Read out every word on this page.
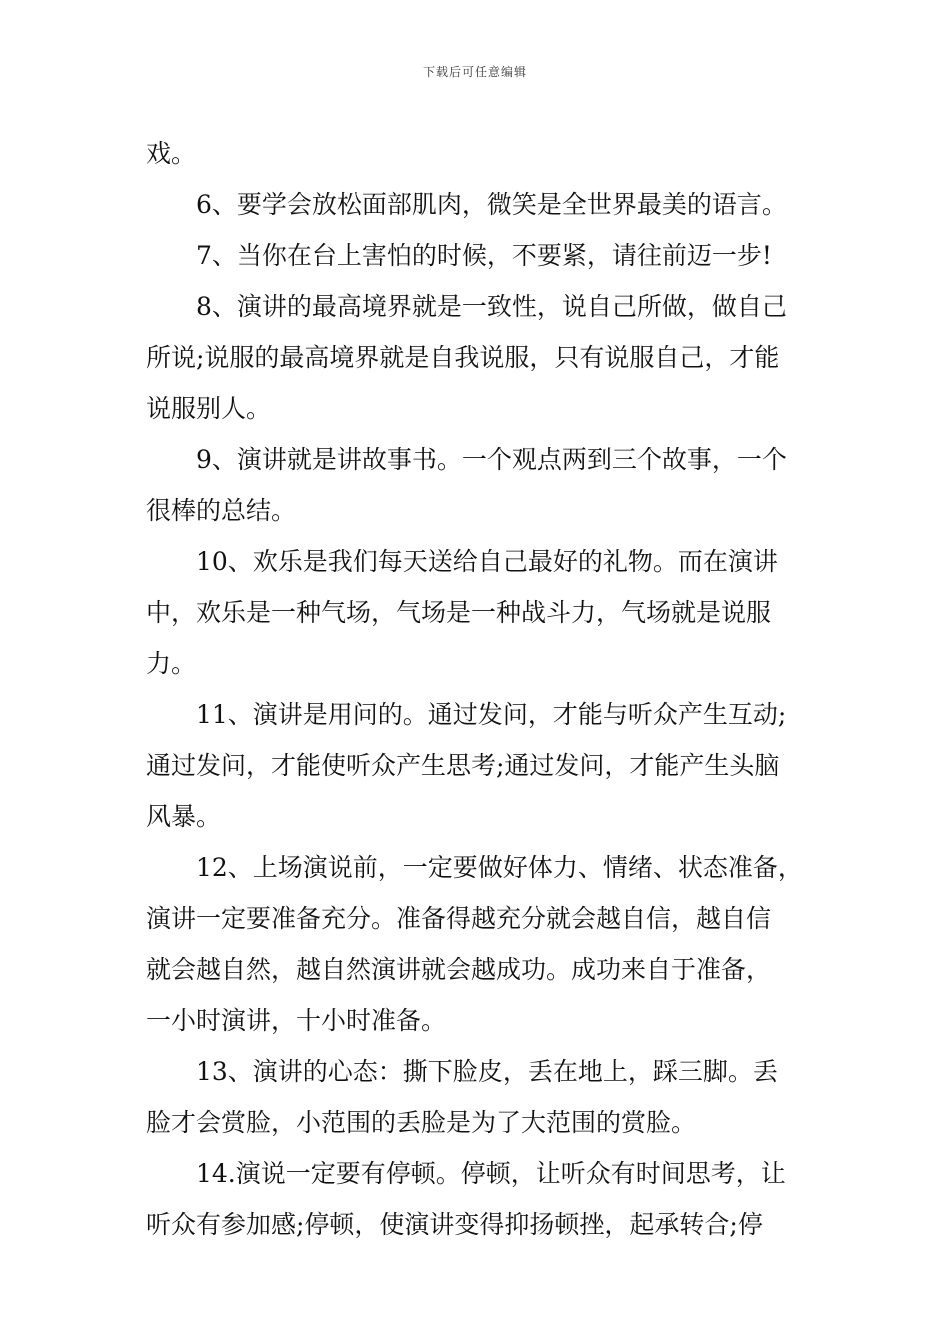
下载后可任意编辑
戏。
6、要学会放松面部肌肉，微笑是全世界最美的语言。
7、当你在台上害怕的时候，不要紧，请往前迈一步!
8、演讲的最高境界就是一致性，说自己所做，做自己
所说;说服的最高境界就是自我说服，只有说服自己，才能
说服别人。
9、演讲就是讲故事书。一个观点两到三个故事，一个
很棒的总结。
10、欢乐是我们每天送给自己最好的礼物。而在演讲
中，欢乐是一种气场，气场是一种战斗力，气场就是说服
力。
11、演讲是用问的。通过发问，才能与听众产生互动;
通过发问，才能使听众产生思考;通过发问，才能产生头脑
风暴。
12、上场演说前，一定要做好体力、情绪、状态准备，
演讲一定要准备充分。准备得越充分就会越自信，越自信
就会越自然，越自然演讲就会越成功。成功来自于准备，
一小时演讲，十小时准备。
13、演讲的心态：撕下脸皮，丢在地上，踩三脚。丢
脸才会赏脸，小范围的丢脸是为了大范围的赏脸。
14.演说一定要有停顿。停顿，让听众有时间思考，让
听众有参加感;停顿，使演讲变得抑扬顿挫，起承转合;停
